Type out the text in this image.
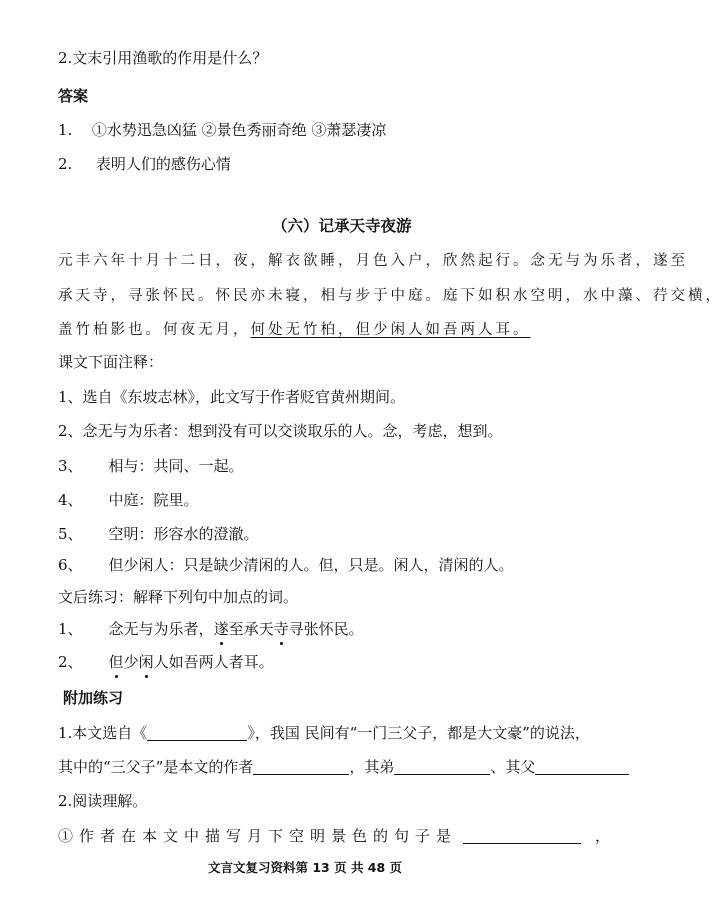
2.文末引用渔歌的作用是什么？
答案
1. ①水势迅急凶猛 ②景色秀丽奇绝 ③萧瑟凄凉
2. 表明人们的感伤心情
（六）记承天寺夜游
元丰六年十月十二日，夜，解衣欲睡，月色入户，欣然起行。念无与为乐者，遂至
承天寺，寻张怀民。怀民亦未寝，相与步于中庭。庭下如积水空明，水中藻、荇交横，
盖竹柏影也。何夜无月，何处无竹柏，但少闲人如吾两人耳。
课文下面注释：
1、选自《东坡志林》，此文写于作者贬官黄州期间。
2、念无与为乐者：想到没有可以交谈取乐的人。念，考虑，想到。
3、 相与：共同、一起。
4、 中庭：院里。
5、 空明：形容水的澄澈。
6、 但少闲人：只是缺少清闲的人。但，只是。闲人，清闲的人。
文后练习：解释下列句中加点的词。
1、 念无与为乐者，遂至承天寺寻张怀民。
2、 但少闲人如吾两人者耳。
附加练习
1.本文选自《	》，我国 民间有“一门三父子，都是大文豪”的说法，
其中的“三父子”是本文的作者	，其弟	、其父
2.阅读理解。
①作者在本文中描写月下空明景色的句子是	，
文言文复习资料第 13 页 共 48 页
